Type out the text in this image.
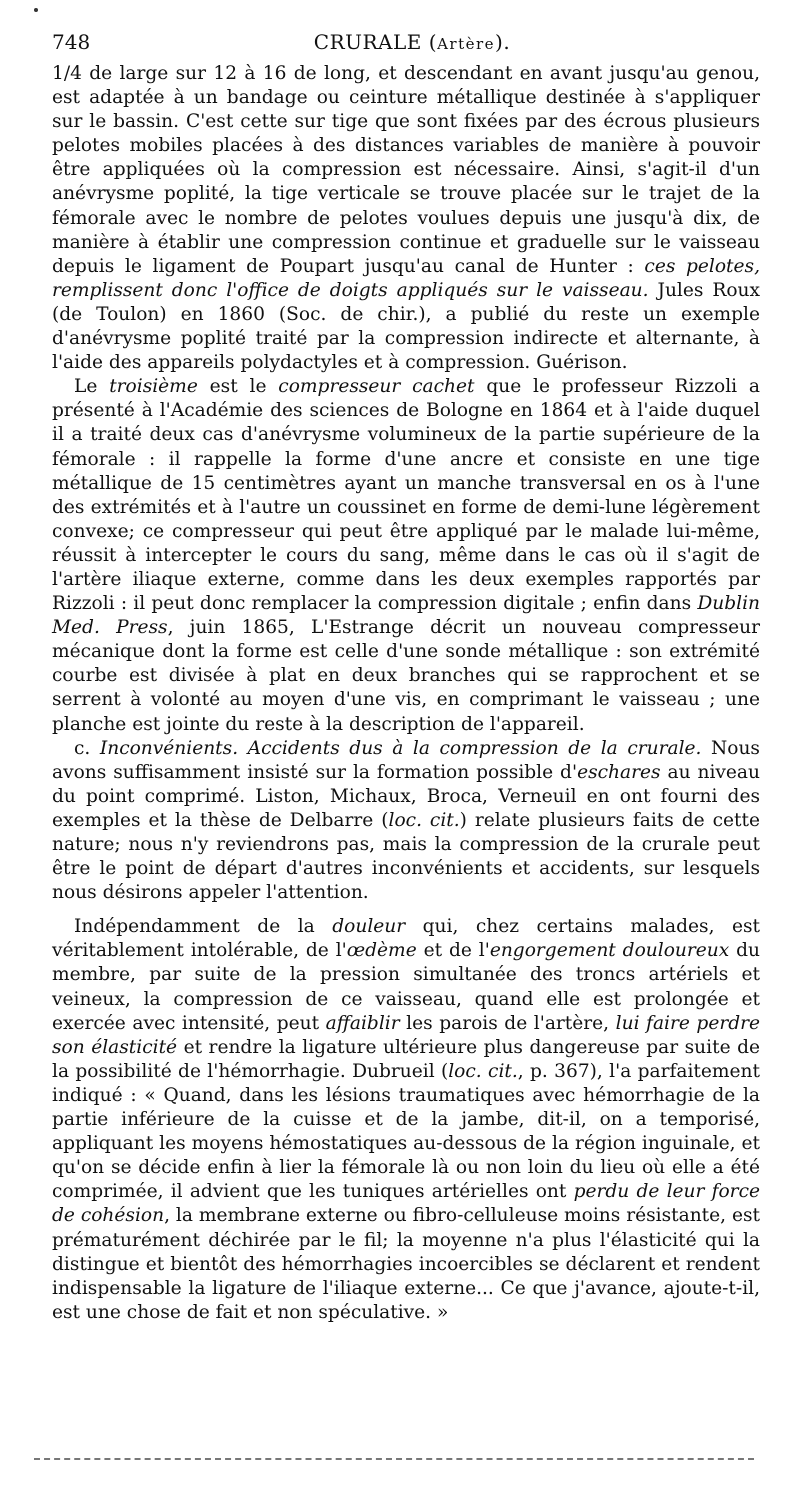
748	CRURALE (Artère).

1/4 de large sur 12 à 16 de long, et descendant en avant jusqu'au genou, est adaptée à un bandage ou ceinture métallique destinée à s'appliquer sur le bassin. C'est cette sur tige que sont fixées par des écrous plusieurs pelotes mobiles placées à des distances variables de manière à pouvoir être appliquées où la compression est nécessaire. Ainsi, s'agit-il d'un anévrysme poplité, la tige verticale se trouve placée sur le trajet de la fémorale avec le nombre de pelotes voulues depuis une jusqu'à dix, de manière à établir une compression continue et graduelle sur le vaisseau depuis le ligament de Poupart jusqu'au canal de Hunter : ces pelotes, remplissent donc l'office de doigts appliqués sur le vaisseau. Jules Roux (de Toulon) en 1860 (Soc. de chir.), a publié du reste un exemple d'anévrysme poplité traité par la compression indirecte et alternante, à l'aide des appareils polydactyles et à compression. Guérison.

Le troisième est le compresseur cachet que le professeur Rizzoli a présenté à l'Académie des sciences de Bologne en 1864 et à l'aide duquel il a traité deux cas d'anévrysme volumineux de la partie supérieure de la fémorale : il rappelle la forme d'une ancre et consiste en une tige métallique de 15 centimètres ayant un manche transversal en os à l'une des extrémités et à l'autre un coussinet en forme de demi-lune légèrement convexe; ce compresseur qui peut être appliqué par le malade lui-même, réussit à intercepter le cours du sang, même dans le cas où il s'agit de l'artère iliaque externe, comme dans les deux exemples rapportés par Rizzoli : il peut donc remplacer la compression digitale ; enfin dans Dublin Med. Press, juin 1865, L'Estrange décrit un nouveau compresseur mécanique dont la forme est celle d'une sonde métallique : son extrémité courbe est divisée à plat en deux branches qui se rapprochent et se serrent à volonté au moyen d'une vis, en comprimant le vaisseau ; une planche est jointe du reste à la description de l'appareil.

c. Inconvénients. Accidents dus à la compression de la crurale. Nous avons suffisamment insisté sur la formation possible d'eschares au niveau du point comprimé. Liston, Michaux, Broca, Verneuil en ont fourni des exemples et la thèse de Delbarre (loc. cit.) relate plusieurs faits de cette nature; nous n'y reviendrons pas, mais la compression de la crurale peut être le point de départ d'autres inconvénients et accidents, sur lesquels nous désirons appeler l'attention.

Indépendamment de la douleur qui, chez certains malades, est véritablement intolérable, de l'œdème et de l'engorgement douloureux du membre, par suite de la pression simultanée des troncs artériels et veineux, la compression de ce vaisseau, quand elle est prolongée et exercée avec intensité, peut affaiblir les parois de l'artère, lui faire perdre son élasticité et rendre la ligature ultérieure plus dangereuse par suite de la possibilité de l'hémorrhagie. Dubrueil (loc. cit., p. 367), l'a parfaitement indiqué : « Quand, dans les lésions traumatiques avec hémorrhagie de la partie inférieure de la cuisse et de la jambe, dit-il, on a temporisé, appliquant les moyens hémostatiques au-dessous de la région inguinale, et qu'on se décide enfin à lier la fémorale là ou non loin du lieu où elle a été comprimée, il advient que les tuniques artérielles ont perdu de leur force de cohésion, la membrane externe ou fibro-celluleuse moins résistante, est prématurément déchirée par le fil; la moyenne n'a plus l'élasticité qui la distingue et bientôt des hémorrhagies incoercibles se déclarent et rendent indispensable la ligature de l'iliaque externe... Ce que j'avance, ajoute-t-il, est une chose de fait et non spéculative. »
